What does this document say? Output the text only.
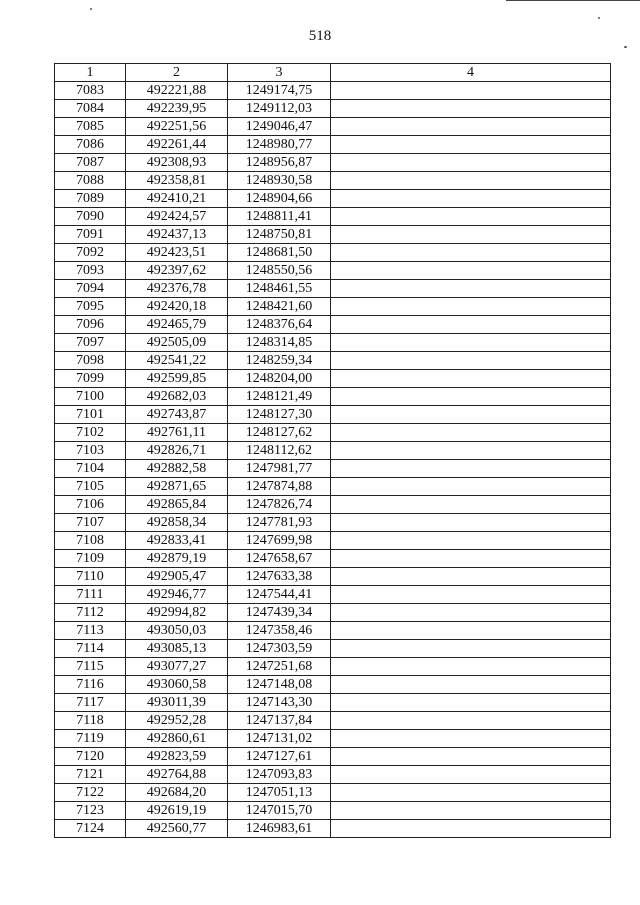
518
1	2	3	4
7083	492221,88	1249174,75	
7084	492239,95	1249112,03	
7085	492251,56	1249046,47	
7086	492261,44	1248980,77	
7087	492308,93	1248956,87	
7088	492358,81	1248930,58	
7089	492410,21	1248904,66	
7090	492424,57	1248811,41	
7091	492437,13	1248750,81	
7092	492423,51	1248681,50	
7093	492397,62	1248550,56	
7094	492376,78	1248461,55	
7095	492420,18	1248421,60	
7096	492465,79	1248376,64	
7097	492505,09	1248314,85	
7098	492541,22	1248259,34	
7099	492599,85	1248204,00	
7100	492682,03	1248121,49	
7101	492743,87	1248127,30	
7102	492761,11	1248127,62	
7103	492826,71	1248112,62	
7104	492882,58	1247981,77	
7105	492871,65	1247874,88	
7106	492865,84	1247826,74	
7107	492858,34	1247781,93	
7108	492833,41	1247699,98	
7109	492879,19	1247658,67	
7110	492905,47	1247633,38	
7111	492946,77	1247544,41	
7112	492994,82	1247439,34	
7113	493050,03	1247358,46	
7114	493085,13	1247303,59	
7115	493077,27	1247251,68	
7116	493060,58	1247148,08	
7117	493011,39	1247143,30	
7118	492952,28	1247137,84	
7119	492860,61	1247131,02	
7120	492823,59	1247127,61	
7121	492764,88	1247093,83	
7122	492684,20	1247051,13	
7123	492619,19	1247015,70	
7124	492560,77	1246983,61	
